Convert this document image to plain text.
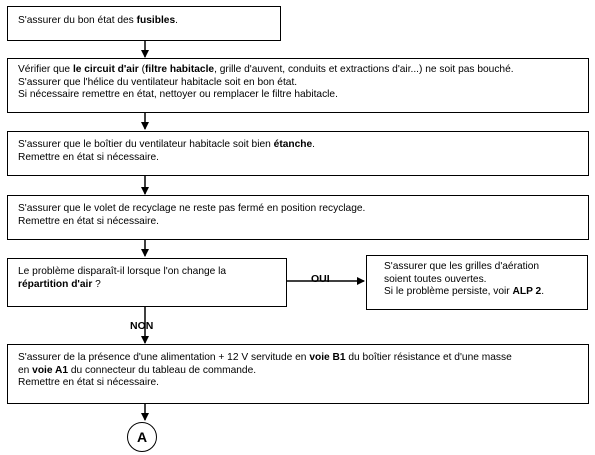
S'assurer du bon état des fusibles.
Vérifier que le circuit d'air (filtre habitacle, grille d'auvent, conduits et extractions d'air...) ne soit pas bouché.
S'assurer que l'hélice du ventilateur habitacle soit en bon état.
Si nécessaire remettre en état, nettoyer ou remplacer le filtre habitacle.
S'assurer que le boîtier du ventilateur habitacle soit bien étanche.
Remettre en état si nécessaire.
S'assurer que le volet de recyclage ne reste pas fermé en position recyclage.
Remettre en état si nécessaire.
Le problème disparaît-il lorsque l'on change la
répartition d'air ?
S'assurer de la présence d'une alimentation + 12 V servitude en voie B1 du boîtier résistance et d'une masse
en voie A1 du connecteur du tableau de commande.
Remettre en état si nécessaire.
S'assurer que les grilles d'aération
soient toutes ouvertes.
Si le problème persiste, voir ALP 2.
OUI
NON
A
